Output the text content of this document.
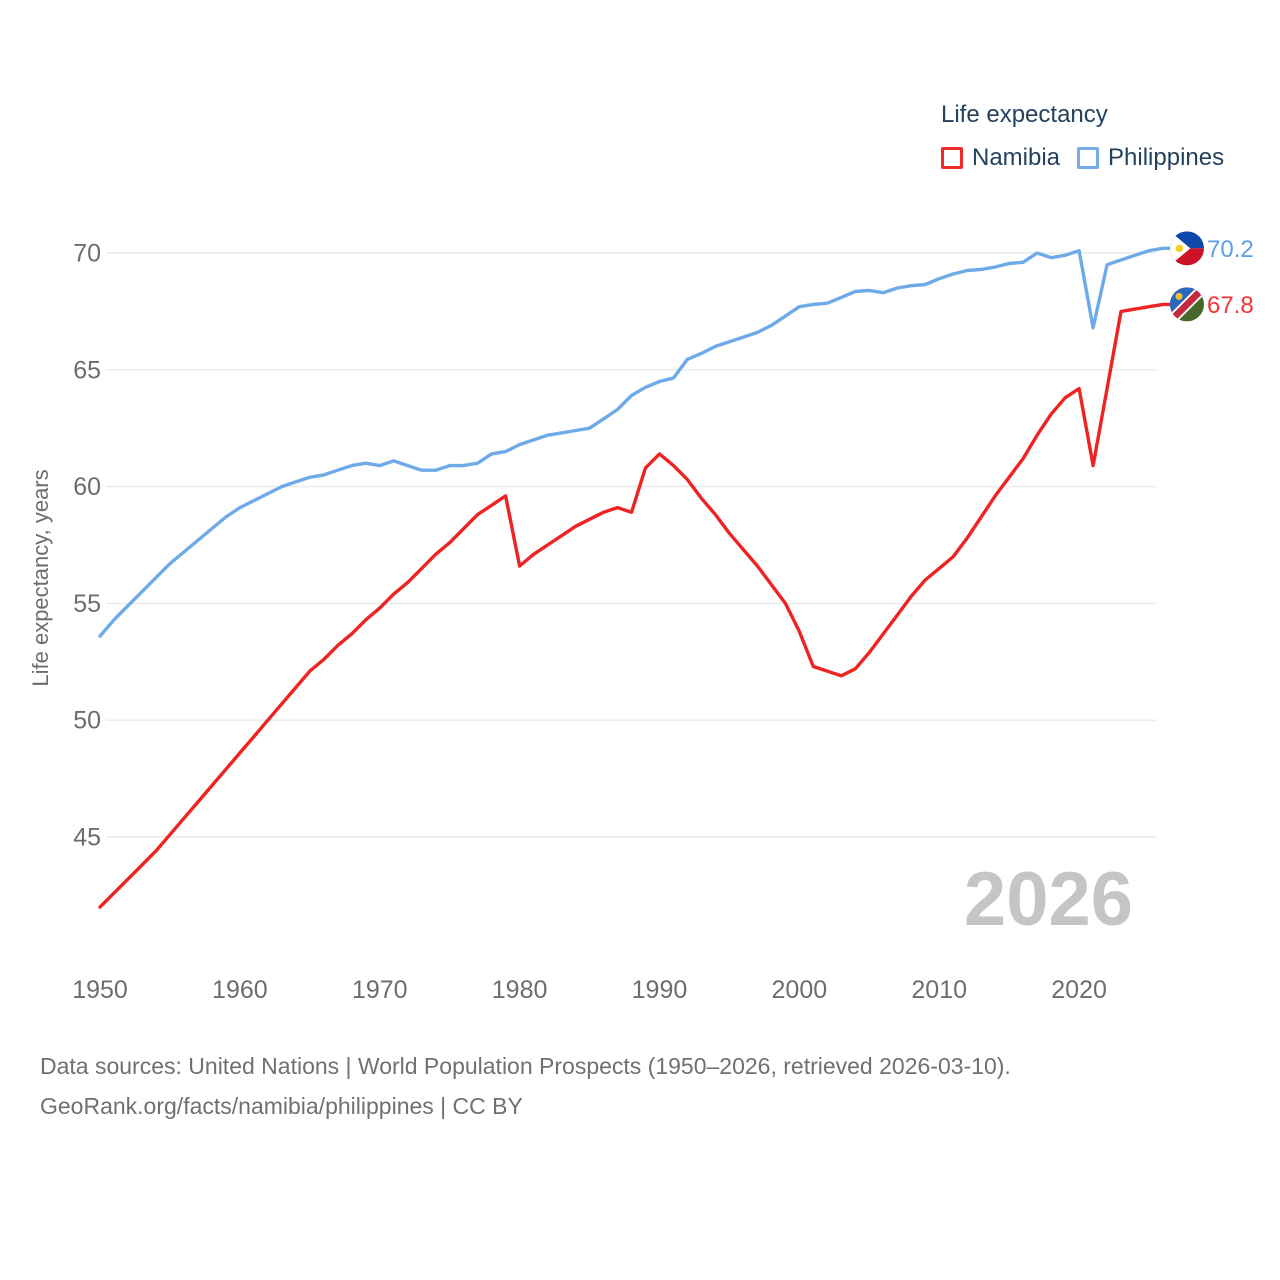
45
50
55
60
65
70
1950	1960	1970	1980	1990	2000	2010	2020
Life expectancy, years
2026
70.2
67.8
Life expectancy
Namibia Philippines
Data sources: United Nations | World Population Prospects (1950–2026, retrieved 2026-03-10).
GeoRank.org/facts/namibia/philippines | CC BY
